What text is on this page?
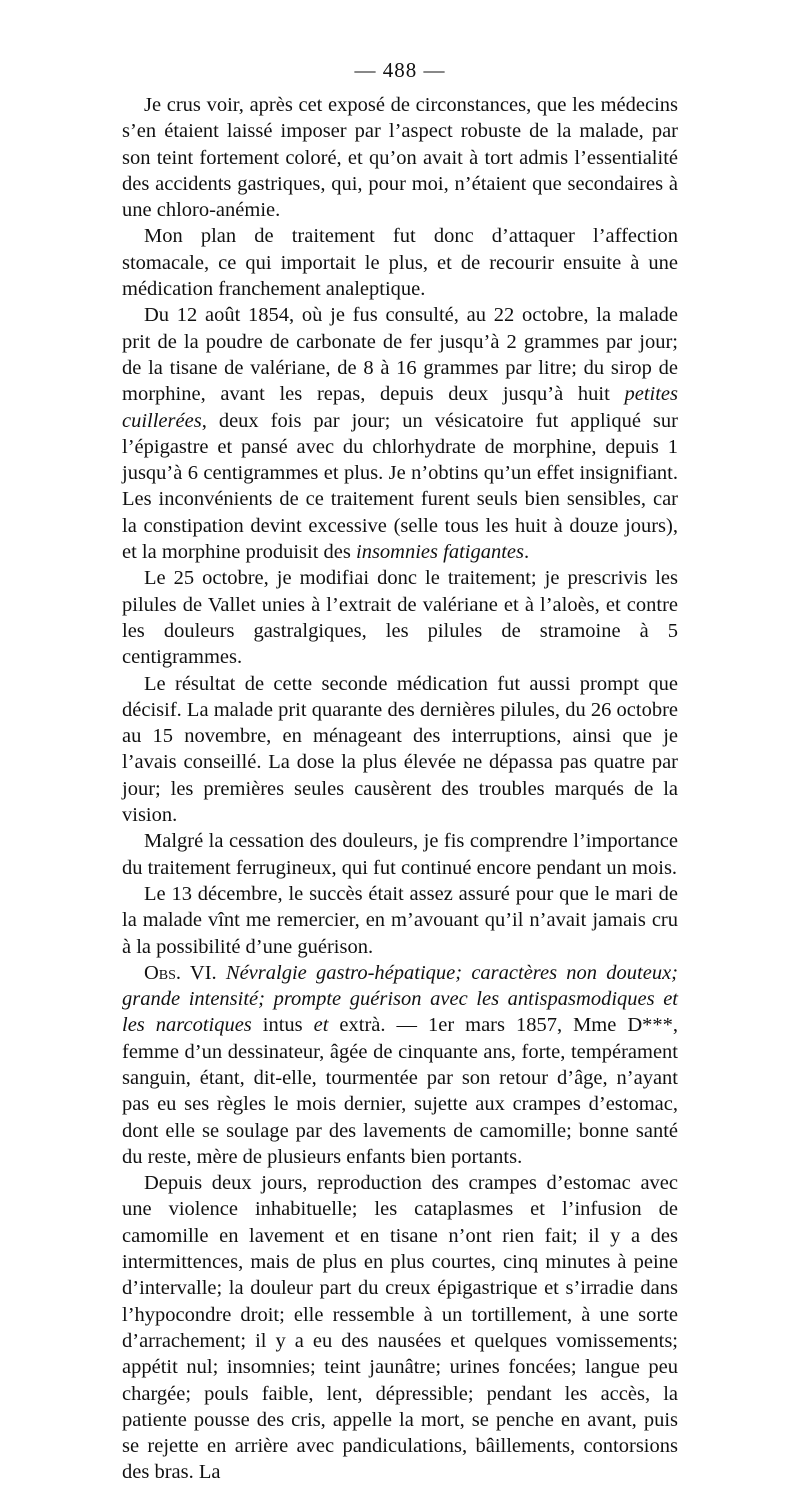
— 488 —

Je crus voir, après cet exposé de circonstances, que les médecins s’en étaient laissé imposer par l’aspect robuste de la malade, par son teint fortement coloré, et qu’on avait à tort admis l’essentialité des accidents gastriques, qui, pour moi, n’étaient que secondaires à une chloro-anémie.

Mon plan de traitement fut donc d’attaquer l’affection stomacale, ce qui importait le plus, et de recourir ensuite à une médication franchement analeptique.

Du 12 août 1854, où je fus consulté, au 22 octobre, la malade prit de la poudre de carbonate de fer jusqu’à 2 grammes par jour; de la tisane de valériane, de 8 à 16 grammes par litre; du sirop de morphine, avant les repas, depuis deux jusqu’à huit petites cuillerées, deux fois par jour; un vésicatoire fut appliqué sur l’épigastre et pansé avec du chlorhydrate de morphine, depuis 1 jusqu’à 6 centigrammes et plus. Je n’obtins qu’un effet insignifiant. Les inconvénients de ce traitement furent seuls bien sensibles, car la constipation devint excessive (selle tous les huit à douze jours), et la morphine produisit des insomnies fatigantes.

Le 25 octobre, je modifiai donc le traitement; je prescrivis les pilules de Vallet unies à l’extrait de valériane et à l’aloès, et contre les douleurs gastralgiques, les pilules de stramoine à 5 centigrammes.

Le résultat de cette seconde médication fut aussi prompt que décisif. La malade prit quarante des dernières pilules, du 26 octobre au 15 novembre, en ménageant des interruptions, ainsi que je l’avais conseillé. La dose la plus élevée ne dépassa pas quatre par jour; les premières seules causèrent des troubles marqués de la vision.

Malgré la cessation des douleurs, je fis comprendre l’importance du traitement ferrugineux, qui fut continué encore pendant un mois.

Le 13 décembre, le succès était assez assuré pour que le mari de la malade vînt me remercier, en m’avouant qu’il n’avait jamais cru à la possibilité d’une guérison.

Obs. VI. Névralgie gastro-hépatique; caractères non douteux; grande intensité; prompte guérison avec les antispasmodiques et les narcotiques intus et extrà. — 1er mars 1857, Mme D***, femme d’un dessinateur, âgée de cinquante ans, forte, tempérament sanguin, étant, dit-elle, tourmentée par son retour d’âge, n’ayant pas eu ses règles le mois dernier, sujette aux crampes d’estomac, dont elle se soulage par des lavements de camomille; bonne santé du reste, mère de plusieurs enfants bien portants.

Depuis deux jours, reproduction des crampes d’estomac avec une violence inhabituelle; les cataplasmes et l’infusion de camomille en lavement et en tisane n’ont rien fait; il y a des intermittences, mais de plus en plus courtes, cinq minutes à peine d’intervalle; la douleur part du creux épigastrique et s’irradie dans l’hypocondre droit; elle ressemble à un tortillement, à une sorte d’arrachement; il y a eu des nausées et quelques vomissements; appétit nul; insomnies; teint jaunâtre; urines foncées; langue peu chargée; pouls faible, lent, dépressible; pendant les accès, la patiente pousse des cris, appelle la mort, se penche en avant, puis se rejette en arrière avec pandiculations, bâillements, contorsions des bras. La
